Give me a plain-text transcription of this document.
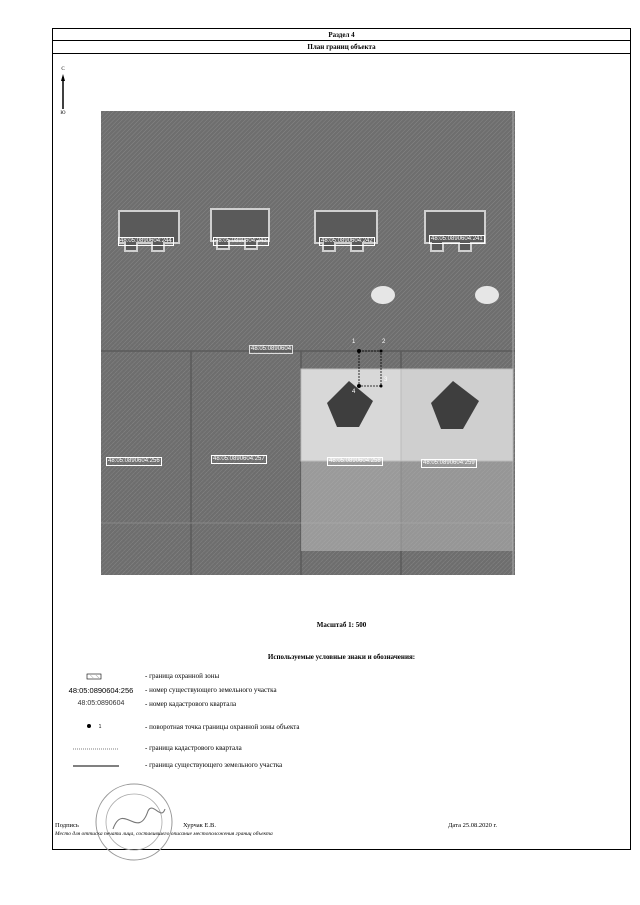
Раздел 4
План границ объекта
С
Ю
48:05:0890604:244	48:05:0890604:243	48:05:0890604:242	48:05:0890604:241
48:05:0890604
48:05:0890604:256	48:05:0890604:257	48:05:0890604:258	48:05:0890604:259
1	2
3
4
Масштаб 1: 500
Используемые условные знаки и обозначения:
- граница охранной зоны
48:05:0890604:256	- номер существующего земельного участка
48:05:0890604	- номер кадастрового квартала
1	- поворотная точка границы охранной зоны объекта
- граница кадастрового квартала
- граница существующего земельного участка
Подпись	Хурчак Е.В.	Дата 25.08.2020 г.
Место для оттиска печати лица, составившего описание местоположения границ объекта
